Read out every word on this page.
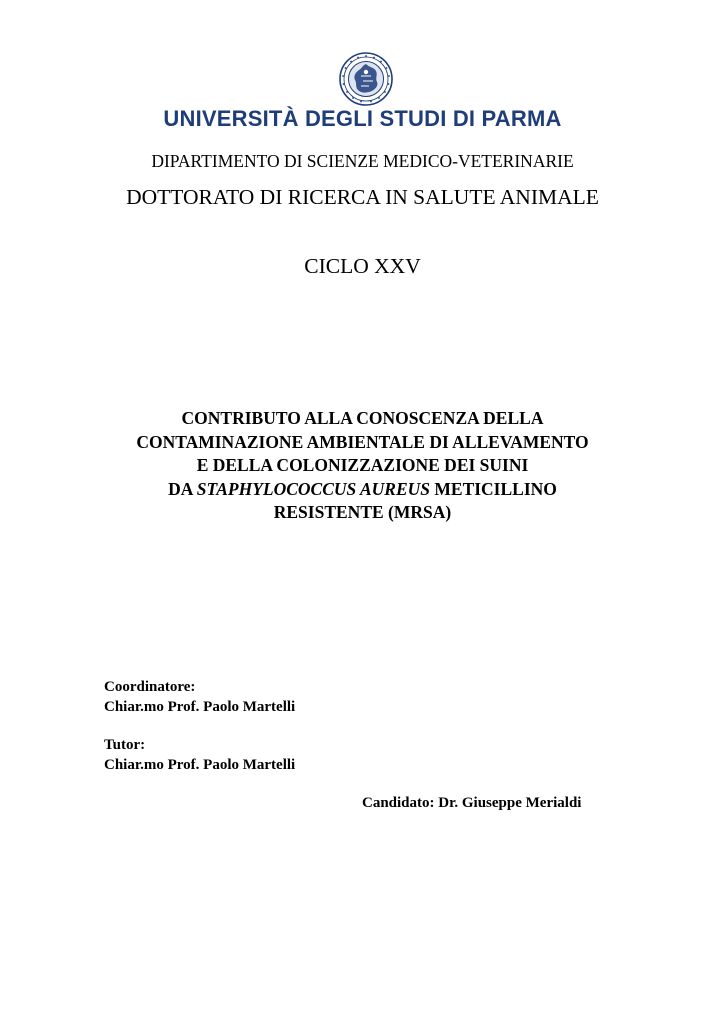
UNIVERSITÀ DEGLI STUDI DI PARMA
DIPARTIMENTO DI SCIENZE MEDICO-VETERINARIE
DOTTORATO DI RICERCA IN SALUTE ANIMALE
CICLO XXV
CONTRIBUTO ALLA CONOSCENZA DELLA
CONTAMINAZIONE AMBIENTALE DI ALLEVAMENTO
E DELLA COLONIZZAZIONE DEI SUINI
DA STAPHYLOCOCCUS AUREUS METICILLINO
RESISTENTE (MRSA)
Coordinatore:
Chiar.mo Prof. Paolo Martelli
Tutor:
Chiar.mo Prof. Paolo Martelli
Candidato: Dr. Giuseppe Merialdi
